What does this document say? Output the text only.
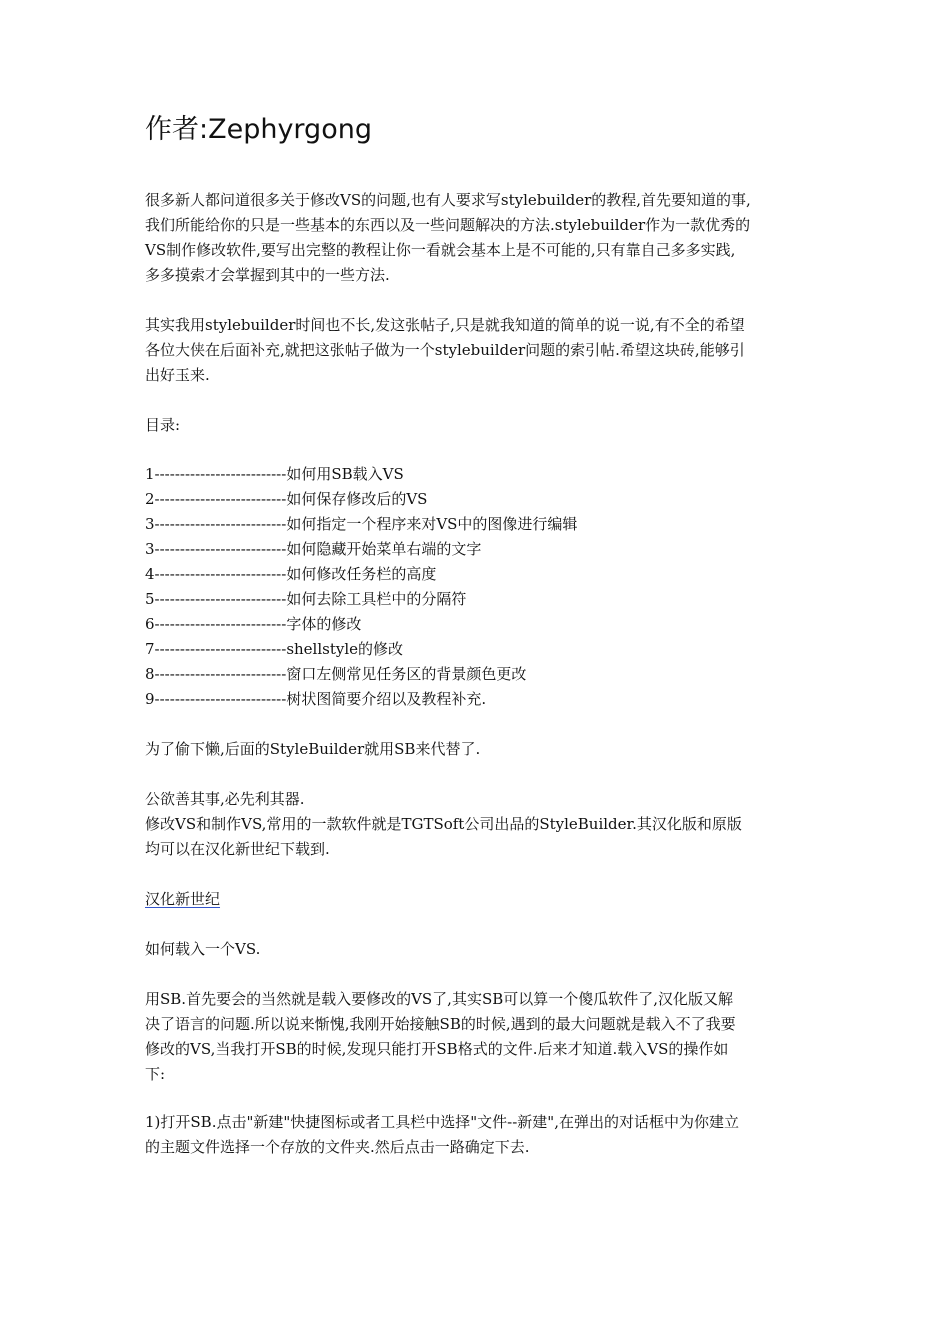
作者:Zephyrgong
很多新人都问道很多关于修改VS的问题,也有人要求写stylebuilder的教程,首先要知道的事,
我们所能给你的只是一些基本的东西以及一些问题解决的方法.stylebuilder作为一款优秀的
VS制作修改软件,要写出完整的教程让你一看就会基本上是不可能的,只有靠自己多多实践,
多多摸索才会掌握到其中的一些方法.
其实我用stylebuilder时间也不长,发这张帖子,只是就我知道的简单的说一说,有不全的希望
各位大侠在后面补充,就把这张帖子做为一个stylebuilder问题的索引帖.希望这块砖,能够引
出好玉来.
目录:
1--------------------------如何用SB载入VS
2--------------------------如何保存修改后的VS
3--------------------------如何指定一个程序来对VS中的图像进行编辑
3--------------------------如何隐藏开始菜单右端的文字
4--------------------------如何修改任务栏的高度
5--------------------------如何去除工具栏中的分隔符
6--------------------------字体的修改
7--------------------------shellstyle的修改
8--------------------------窗口左侧常见任务区的背景颜色更改
9--------------------------树状图简要介绍以及教程补充.
为了偷下懒,后面的StyleBuilder就用SB来代替了.
公欲善其事,必先利其器.
修改VS和制作VS,常用的一款软件就是TGTSoft公司出品的StyleBuilder.其汉化版和原版
均可以在汉化新世纪下载到.
汉化新世纪
如何载入一个VS.
用SB.首先要会的当然就是载入要修改的VS了,其实SB可以算一个傻瓜软件了,汉化版又解
决了语言的问题.所以说来惭愧,我刚开始接触SB的时候,遇到的最大问题就是载入不了我要
修改的VS,当我打开SB的时候,发现只能打开SB格式的文件.后来才知道.载入VS的操作如
下:
1)打开SB.点击"新建"快捷图标或者工具栏中选择"文件--新建",在弹出的对话框中为你建立
的主题文件选择一个存放的文件夹.然后点击一路确定下去.
